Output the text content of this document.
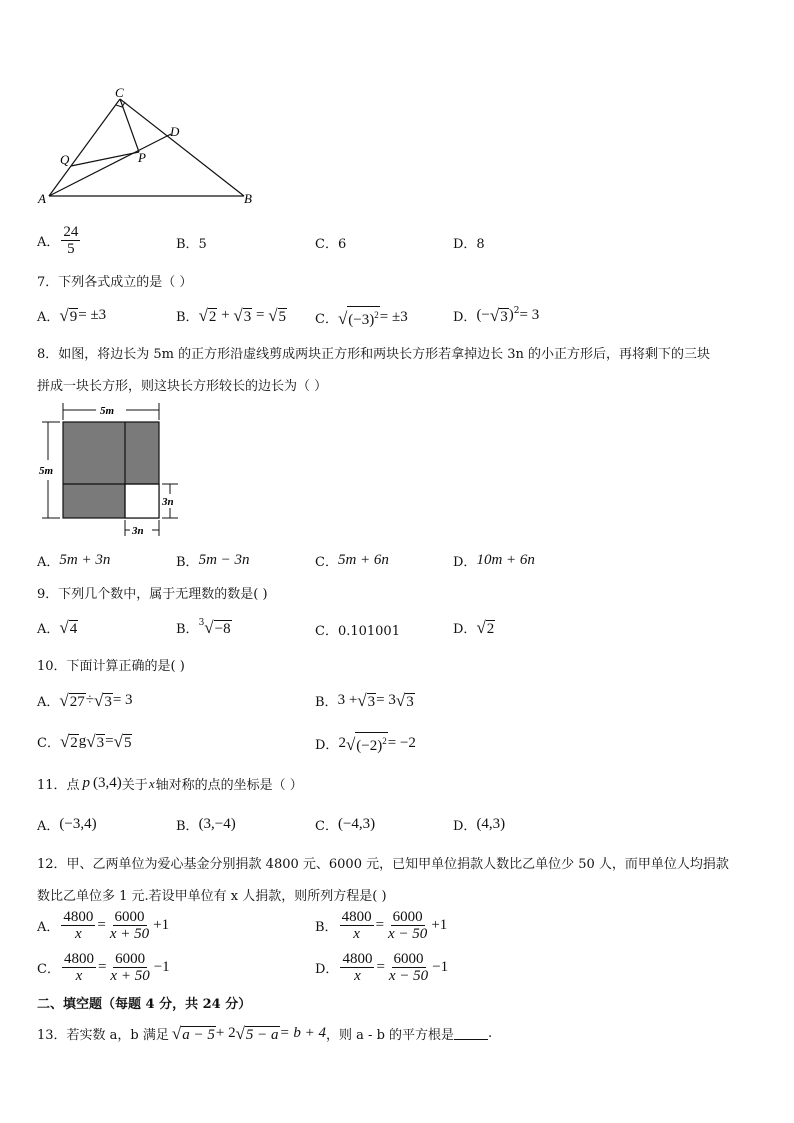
C
D
Q	P
A	B
A． $\frac{24}{5}$	B．5	C．6	D．8
7．下列各式成立的是（ ）
A． √ 9 = ±3	B． √ 2 + √ 3 = √ 5 C． √ $(-3)^2 = \pm 3$	D． (− √ 3 )$^2$ = 3
8．如图，将边长为 5m 的正方形沿虚线剪成两块正方形和两块长方形若拿掉边长 3n 的小正方形后，再将剩下的三块
拼成一块长方形，则这块长方形较长的边长为（ ）
5m
5m
3n
3n
A． 5m + 3n	B． 5m − 3n	C． 5m + 6n	D． 10m + 6n
9．下列几个数中，属于无理数的数是( )
A． √ 4	B．$^3$ √ −8	C．0.101001	D． √ 2
10．下面计算正确的是( )
A． √ 27 ÷ √ 3 = 3	B． 3 + √ 3 = 3 √ 3
C． √ 2 g √ 3 = √ 5	D． 2 √ $(-2)^2 = -2$
11．点 p (3,4) 关于 x 轴对称的点的坐标是（ ）
A． (−3,4)	B． (3,−4)	C． (−4,3)	D． (4,3)
12．甲、乙两单位为爱心基金分别捐款 4800 元、6000 元，已知甲单位捐款人数比乙单位少 50 人，而甲单位人均捐款
数比乙单位多 1 元.若设甲单位有 x 人捐款，则所列方程是( )
A． $\frac{4800}{x} = \frac{6000}{x + 50} +1$	B． $\frac{4800}{x} = \frac{6000}{x - 50} +1$
C． $\frac{4800}{x} = \frac{6000}{x + 50} -1$	D． $\frac{4800}{x} = \frac{6000}{x - 50} -1$
二、填空题（每题 4 分，共 24 分）
13．若实数 a，b 满足 √ a − 5 + 2 √ 5 − a = b + 4 ，则 a - b 的平方根是	.
